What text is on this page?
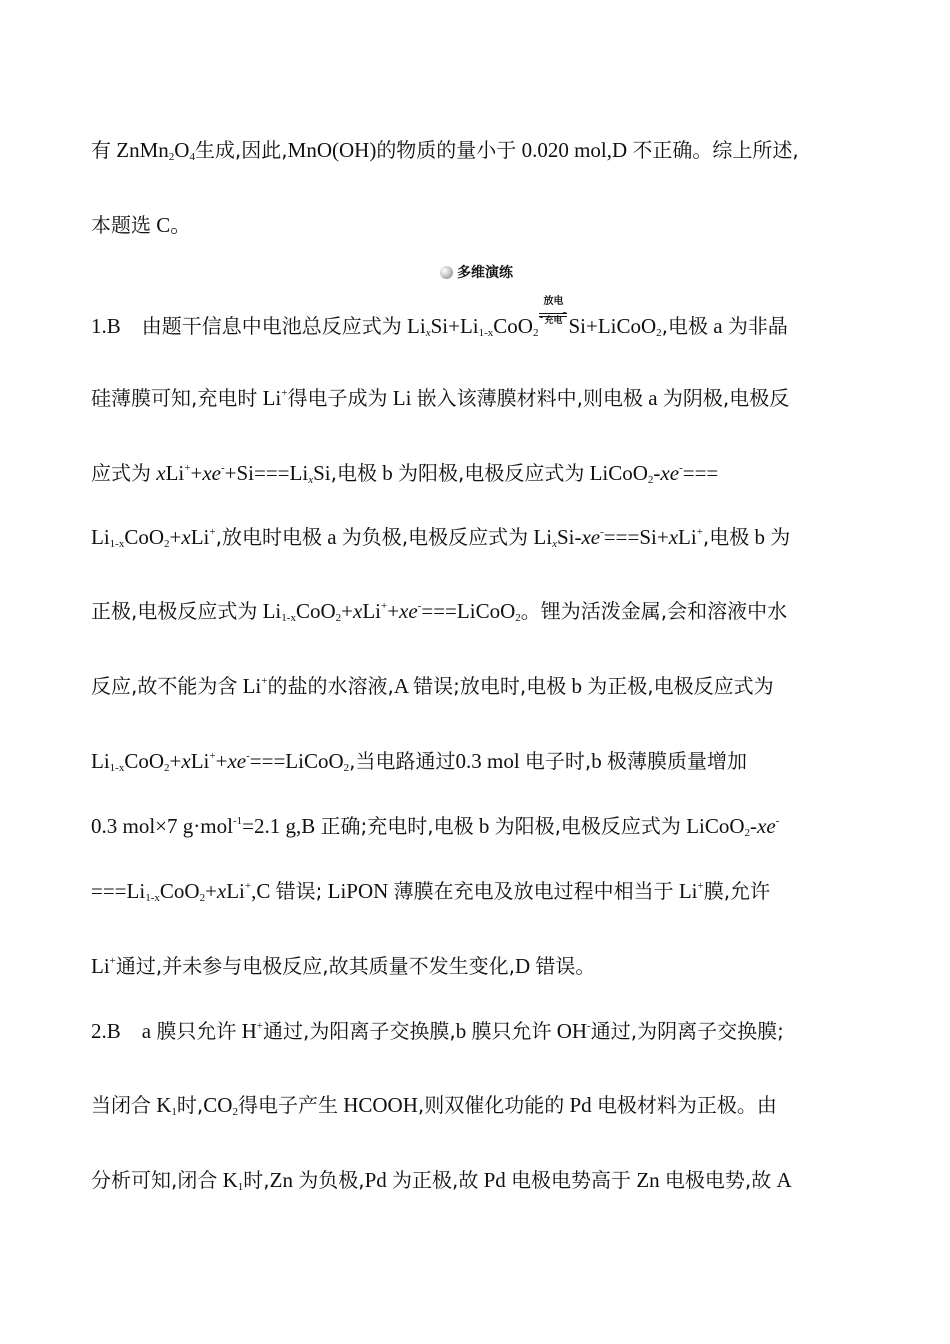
有 $ZnMn_2O_4$生成,因此,MnO(OH)的物质的量小于 0.020 mol,D 不正确。综上所述,
本题选 C。
多维演练
1.B 由题干信息中电池总反应式为 $Li_xSi+Li_{1-x}CoO_2$
放电
充电 Si+LiCoO$_2$,电极 a 为非晶
硅薄膜可知,充电时 Li+得电子成为 Li 嵌入该薄膜材料中,则电极 a 为阴极,电极反
应式为 $xLi^++xe^-+Si===Li_xSi$,电极 b 为阳极,电极反应式为 LiCoO$_2$-xe-===
$Li_{1-x}CoO_2+xLi^+$,放电时电极 a 为负极,电极反应式为 $Li_xSi-xe^-===Si+xLi^+$,电极 b 为
正极,电极反应式为 $Li_{1-x}CoO_2+xLi^++xe^-===LiCoO_2$。锂为活泼金属,会和溶液中水
反应,故不能为含 Li+的盐的水溶液,A 错误;放电时,电极 b 为正极,电极反应式为
$Li_{1-x}CoO_2+xLi^++xe^-===LiCoO_2$,当电路通过0.3 mol 电子时,b 极薄膜质量增加
0.3 mol×7 g·mol$^{-1}$=2.1 g,B 正确;充电时,电极 b 为阳极,电极反应式为 LiCoO$_2$-xe-
$===Li_{1-x}CoO_2+xLi^+,C$ 错误; LiPON 薄膜在充电及放电过程中相当于 Li+膜,允许
Li+通过,并未参与电极反应,故其质量不发生变化,D 错误。
2.B a 膜只允许 H+通过,为阳离子交换膜,b 膜只允许 OH-通过,为阴离子交换膜;
当闭合 $K_1$时$,CO_2$得电子产生 HCOOH,则双催化功能的 Pd 电极材料为正极。由
分析可知,闭合 $K_1$时,Zn 为负极,Pd 为正极,故 Pd 电极电势高于 Zn 电极电势,故 A
